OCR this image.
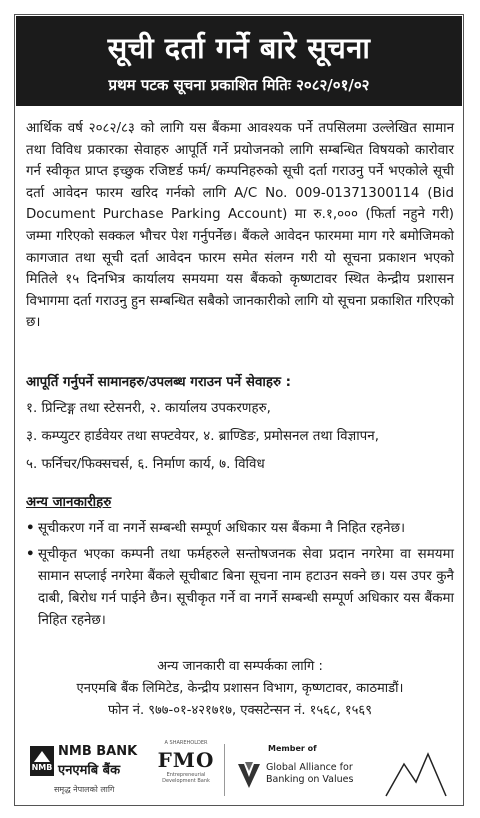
सूची दर्ता गर्ने बारे सूचना
प्रथम पटक सूचना प्रकाशित मितिः २०८२/०१/०२

आर्थिक वर्ष २०८२/८३ को लागि यस बैंकमा आवश्यक पर्ने तपसिलमा उल्लेखित सामान तथा विविध प्रकारका सेवाहरु आपूर्ति गर्ने प्रयोजनको लागि सम्बन्धित विषयको कारोवार गर्न स्वीकृत प्राप्त इच्छुक रजिष्टर्ड फर्म/ कम्पनिहरुको सूची दर्ता गराउनु पर्ने भएकोले सूची दर्ता आवेदन फारम खरिद गर्नको लागि A/C No. 009-01371300114 (Bid Document Purchase Parking Account) मा रु.१,००० (फिर्ता नहुने गरी) जम्मा गरिएको सक्कल भौचर पेश गर्नुपर्नेछ। बैंकले आवेदन फारममा माग गरे बमोजिमको कागजात तथा सूची दर्ता आवेदन फारम समेत संलग्न गरी यो सूचना प्रकाशन भएको मितिले १५ दिनभित्र कार्यालय समयमा यस बैंकको कृष्णटावर स्थित केन्द्रीय प्रशासन विभागमा दर्ता गराउनु हुन सम्बन्धित सबैको जानकारीको लागि यो सूचना प्रकाशित गरिएको छ।

आपूर्ति गर्नुपर्ने सामानहरु/उपलब्ध गराउन पर्ने सेवाहरु :
१. प्रिन्टिङ्ग तथा स्टेसनरी, २. कार्यालय उपकरणहरु,
३. कम्प्युटर हार्डवेयर तथा सफ्टवेयर, ४. ब्राण्डिङ, प्रमोसनल तथा विज्ञापन,
५. फर्निचर/फिक्सचर्स, ६. निर्माण कार्य, ७. विविध
अन्य जानकारीहरु
• सूचीकरण गर्ने वा नगर्ने सम्बन्धी सम्पूर्ण अधिकार यस बैंकमा नै निहित रहनेछ।
• सूचीकृत भएका कम्पनी तथा फर्महरुले सन्तोषजनक सेवा प्रदान नगरेमा वा समयमा सामान सप्लाई नगरेमा बैंकले सूचीबाट बिना सूचना नाम हटाउन सक्ने छ। यस उपर कुनै दाबी, बिरोध गर्न पाईने छैन। सूचीकृत गर्ने वा नगर्ने सम्बन्धी सम्पूर्ण अधिकार यस बैंकमा निहित रहनेछ।
अन्य जानकारी वा सम्पर्कका लागि :
एनएमबि बैंक लिमिटेड, केन्द्रीय प्रशासन विभाग, कृष्णटावर, काठमाडौं।
फोन नं. ९७७-०१-४२१७१७, एक्सटेन्सन नं. १५६८, १५६९
NMB
NMB BANK
एनएमबि बैंक
समृद्ध नेपालको लागि
A SHAREHOLDER
FMO
Entrepreneurial Development Bank
Member of
Global Alliance for
Banking on Values
